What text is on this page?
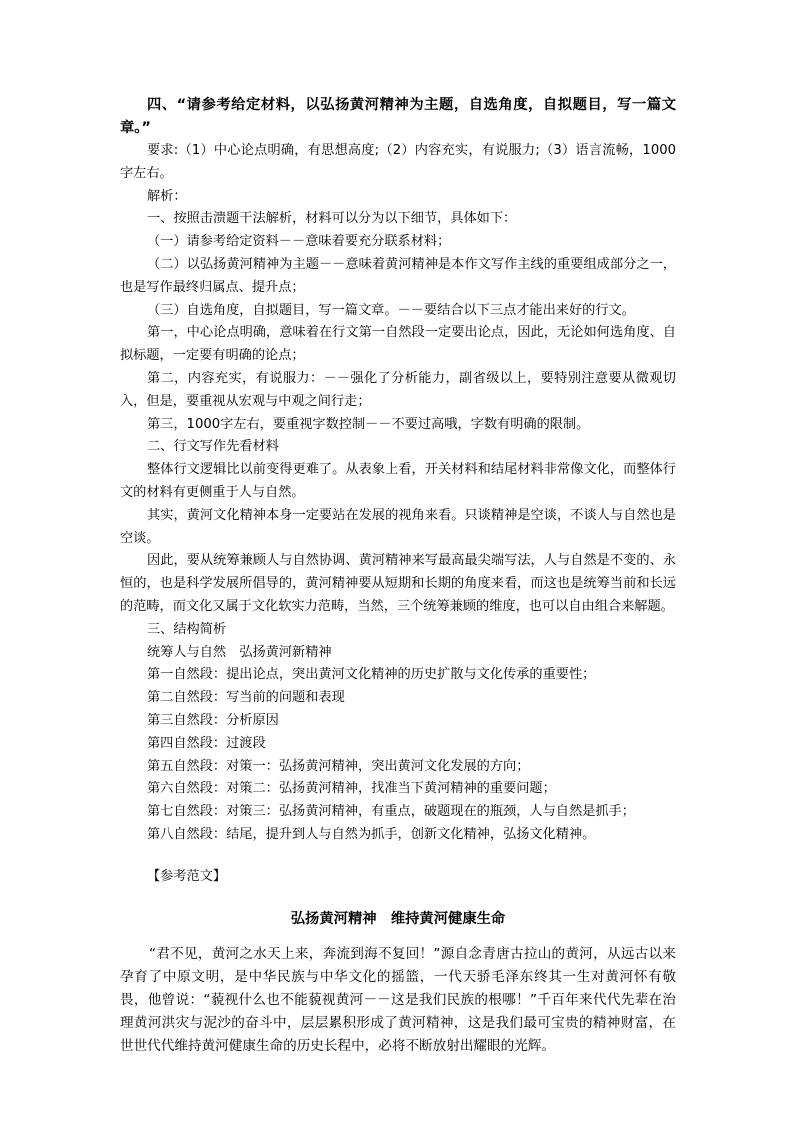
四、“请参考给定材料，以弘扬黄河精神为主题，自选角度，自拟题目，写一篇文章。”

要求:（1）中心论点明确，有思想高度;（2）内容充实，有说服力;（3）语言流畅，1000字左右。

解析：

一、按照击溃题干法解析，材料可以分为以下细节，具体如下：

（一）请参考给定资料－－意味着要充分联系材料；

（二）以弘扬黄河精神为主题－－意味着黄河精神是本作文写作主线的重要组成部分之一，也是写作最终归属点、提升点；

（三）自选角度，自拟题目，写一篇文章。－－要结合以下三点才能出来好的行文。

第一，中心论点明确，意味着在行文第一自然段一定要出论点，因此，无论如何选角度、自拟标题，一定要有明确的论点；

第二，内容充实，有说服力：－－强化了分析能力，副省级以上，要特别注意要从微观切入，但是，要重视从宏观与中观之间行走；

第三，1000字左右，要重视字数控制－－不要过高哦，字数有明确的限制。

二、行文写作先看材料

整体行文逻辑比以前变得更难了。从表象上看，开关材料和结尾材料非常像文化，而整体行文的材料有更侧重于人与自然。

其实，黄河文化精神本身一定要站在发展的视角来看。只谈精神是空谈，不谈人与自然也是空谈。

因此，要从统筹兼顾人与自然协调、黄河精神来写最高最尖端写法，人与自然是不变的、永恒的，也是科学发展所倡导的，黄河精神要从短期和长期的角度来看，而这也是统筹当前和长远的范畴，而文化又属于文化软实力范畴，当然，三个统筹兼顾的维度，也可以自由组合来解题。

三、结构简析

统筹人与自然　弘扬黄河新精神
第一自然段：提出论点，突出黄河文化精神的历史扩散与文化传承的重要性；
第二自然段：写当前的问题和表现
第三自然段：分析原因
第四自然段：过渡段
第五自然段：对策一：弘扬黄河精神，突出黄河文化发展的方向；
第六自然段：对策二：弘扬黄河精神，找准当下黄河精神的重要问题；
第七自然段：对策三：弘扬黄河精神，有重点，破题现在的瓶颈，人与自然是抓手；
第八自然段：结尾，提升到人与自然为抓手，创新文化精神，弘扬文化精神。

【参考范文】

弘扬黄河精神　维持黄河健康生命

“君不见，黄河之水天上来，奔流到海不复回！”源自念青唐古拉山的黄河，从远古以来孕育了中原文明，是中华民族与中华文化的摇篮，一代天骄毛泽东终其一生对黄河怀有敬畏，他曾说：“藐视什么也不能藐视黄河－－这是我们民族的根哪！”千百年来代代先辈在治理黄河洪灾与泥沙的奋斗中，层层累积形成了黄河精神，这是我们最可宝贵的精神财富，在世世代代维持黄河健康生命的历史长程中，必将不断放射出耀眼的光辉。
